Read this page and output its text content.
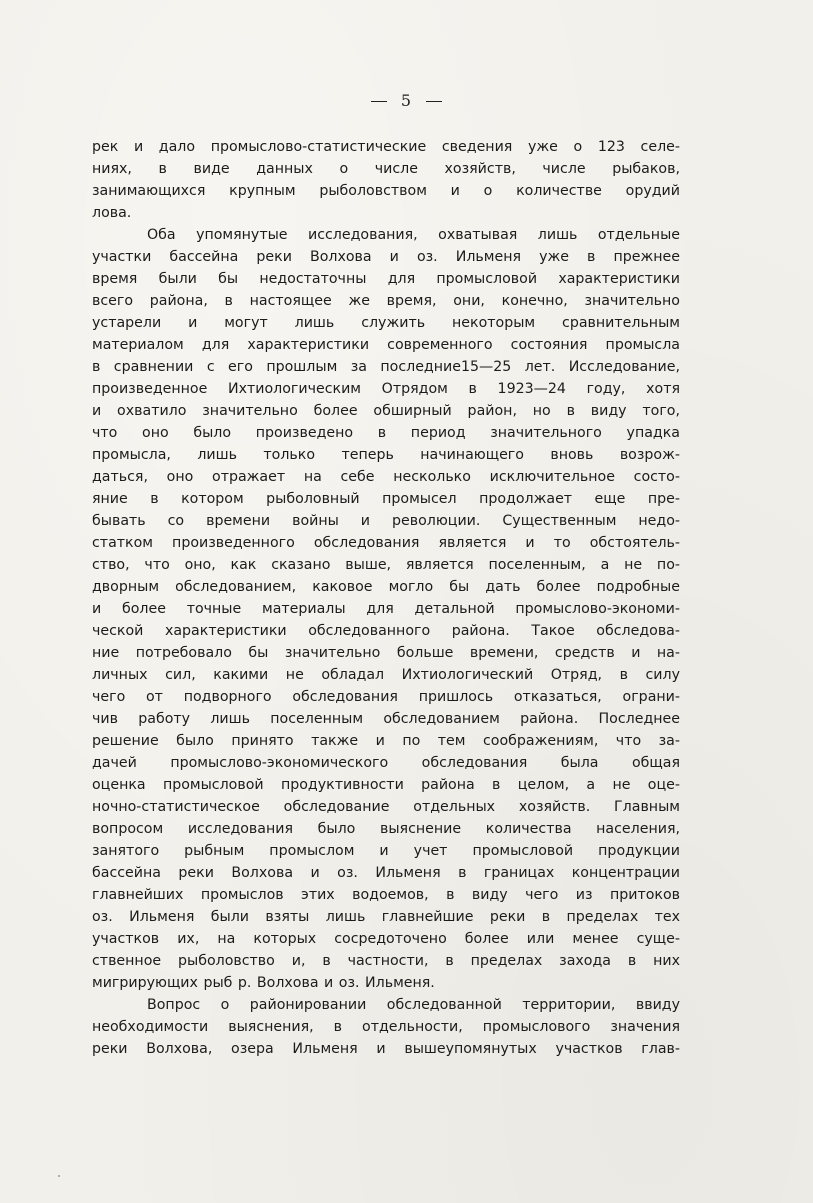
5
рек и дало промыслово-статистические сведения уже о 123 селе-
ниях, в виде данных о числе хозяйств, числе рыбаков,
занимающихся крупным рыболовством и о количестве орудий
лова.
Оба упомянутые исследования, охватывая лишь отдельные
участки бассейна реки Волхова и оз. Ильменя уже в прежнее
время были бы недостаточны для промысловой характеристики
всего района, в настоящее же время, они, конечно, значительно
устарели и могут лишь служить некоторым сравнительным
материалом для характеристики современного состояния промысла
в сравнении с его прошлым за последние15—25 лет. Исследование,
произведенное Ихтиологическим Отрядом в 1923—24 году, хотя
и охватило значительно более обширный район, но в виду того,
что оно было произведено в период значительного упадка
промысла, лишь только теперь начинающего вновь возрож-
даться, оно отражает на себе несколько исключительное состо-
яние в котором рыболовный промысел продолжает еще пре-
бывать со времени войны и революции. Существенным недо-
статком произведенного обследования является и то обстоятель-
ство, что оно, как сказано выше, является поселенным, а не по-
дворным обследованием, каковое могло бы дать более подробные
и более точные материалы для детальной промыслово-экономи-
ческой характеристики обследованного района. Такое обследова-
ние потребовало бы значительно больше времени, средств и на-
личных сил, какими не обладал Ихтиологический Отряд, в силу
чего от подворного обследования пришлось отказаться, ограни-
чив работу лишь поселенным обследованием района. Последнее
решение было принято также и по тем соображениям, что за-
дачей промыслово-экономического обследования была общая
оценка промысловой продуктивности района в целом, а не оце-
ночно-статистическое обследование отдельных хозяйств. Главным
вопросом исследования было выяснение количества населения,
занятого рыбным промыслом и учет промысловой продукции
бассейна реки Волхова и оз. Ильменя в границах концентрации
главнейших промыслов этих водоемов, в виду чего из притоков
оз. Ильменя были взяты лишь главнейшие реки в пределах тех
участков их, на которых сосредоточено более или менее суще-
ственное рыболовство и, в частности, в пределах захода в них
мигрирующих рыб р. Волхова и оз. Ильменя.
Вопрос о районировании обследованной территории, ввиду
необходимости выяснения, в отдельности, промыслового значения
реки Волхова, озера Ильменя и вышеупомянутых участков глав-
